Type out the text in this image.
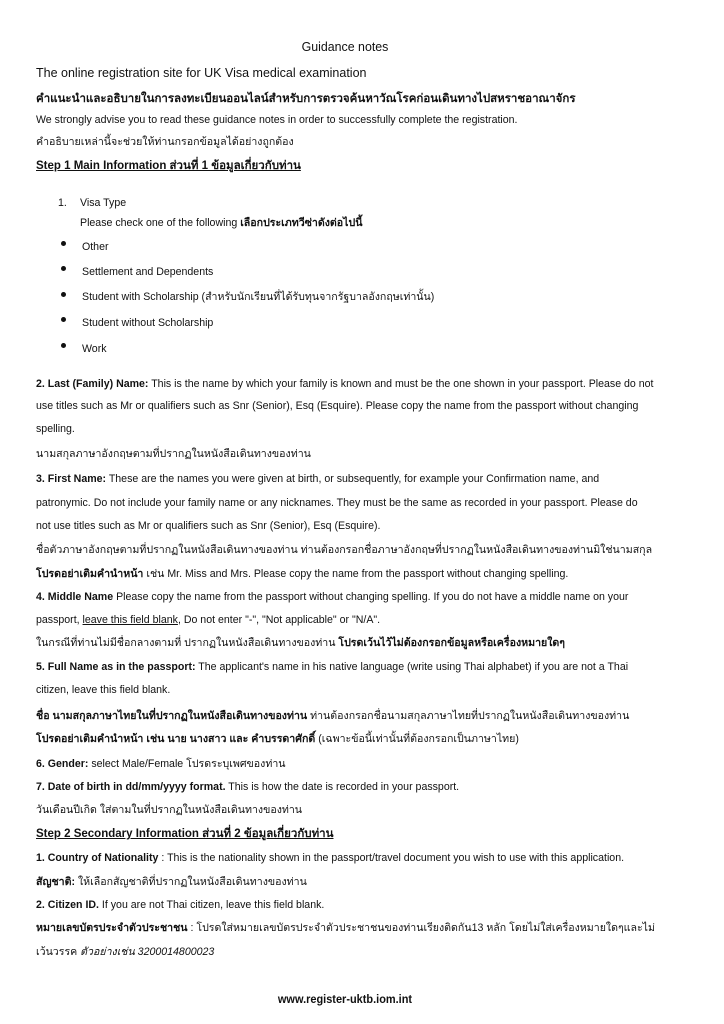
Guidance notes
The online registration site for UK Visa medical examination
คำแนะนำและอธิบายในการลงทะเบียนออนไลน์สำหรับการตรวจค้นหาวัณโรคก่อนเดินทางไปสหราชอาณาจักร
We strongly advise you to read these guidance notes in order to successfully complete the registration.
คำอธิบายเหล่านี้จะช่วยให้ท่านกรอกข้อมูลได้อย่างถูกต้อง
Step 1 Main Information ส่วนที่ 1 ข้อมูลเกี่ยวกับท่าน
1. Visa Type
Please check one of the following เลือกประเภทวีซ่าดังต่อไปนี้
Other
Settlement and Dependents
Student with Scholarship (สำหรับนักเรียนที่ได้รับทุนจากรัฐบาลอังกฤษเท่านั้น)
Student without Scholarship
Work
2. Last (Family) Name: This is the name by which your family is known and must be the one shown in your passport. Please do not
use titles such as Mr or qualifiers such as Snr (Senior), Esq (Esquire). Please copy the name from the passport without changing
spelling.
นามสกุลภาษาอังกฤษตามที่ปรากฏในหนังสือเดินทางของท่าน
3. First Name: These are the names you were given at birth, or subsequently, for example your Confirmation name, and
patronymic. Do not include your family name or any nicknames. They must be the same as recorded in your passport. Please do
not use titles such as Mr or qualifiers such as Snr (Senior), Esq (Esquire).
ชื่อตัวภาษาอังกฤษตามที่ปรากฏในหนังสือเดินทางของท่าน ท่านต้องกรอกชื่อภาษาอังกฤษที่ปรากฏในหนังสือเดินทางของท่านมิใช่นามสกุล
โปรดอย่าเติมคำนำหน้า เช่น Mr. Miss and Mrs. Please copy the name from the passport without changing spelling.
4. Middle Name Please copy the name from the passport without changing spelling. If you do not have a middle name on your
passport, leave this field blank, Do not enter "-", "Not applicable" or "N/A".
ในกรณีที่ท่านไม่มีชื่อกลางตามที่ ปรากฏในหนังสือเดินทางของท่าน โปรดเว้นไว้ไม่ต้องกรอกข้อมูลหรือเครื่องหมายใดๆ
5. Full Name as in the passport: The applicant's name in his native language (write using Thai alphabet) if you are not a Thai
citizen, leave this field blank.
ชื่อ นามสกุลภาษาไทยในที่ปรากฏในหนังสือเดินทางของท่าน ท่านต้องกรอกชื่อนามสกุลภาษาไทยที่ปรากฏในหนังสือเดินทางของท่าน
โปรดอย่าเติมคำนำหน้า เช่น นาย นางสาว และ คำบรรดาศักดิ์ (เฉพาะข้อนี้เท่านั้นที่ต้องกรอกเป็นภาษาไทย)
6. Gender: select Male/Female โปรดระบุเพศของท่าน
7. Date of birth in dd/mm/yyyy format. This is how the date is recorded in your passport.
วันเดือนปีเกิด ใส่ตามในที่ปรากฏในหนังสือเดินทางของท่าน
Step 2 Secondary Information ส่วนที่ 2 ข้อมูลเกี่ยวกับท่าน
1. Country of Nationality : This is the nationality shown in the passport/travel document you wish to use with this application.
สัญชาติ: ให้เลือกสัญชาติที่ปรากฏในหนังสือเดินทางของท่าน
2. Citizen ID. If you are not Thai citizen, leave this field blank.
หมายเลขบัตรประจำตัวประชาชน : โปรดใส่หมายเลขบัตรประจำตัวประชาชนของท่านเรียงติดกัน13 หลัก โดยไม่ใส่เครื่องหมายใดๆและไม่
เว้นวรรค ตัวอย่างเช่น 3200014800023
www.register-uktb.iom.int
